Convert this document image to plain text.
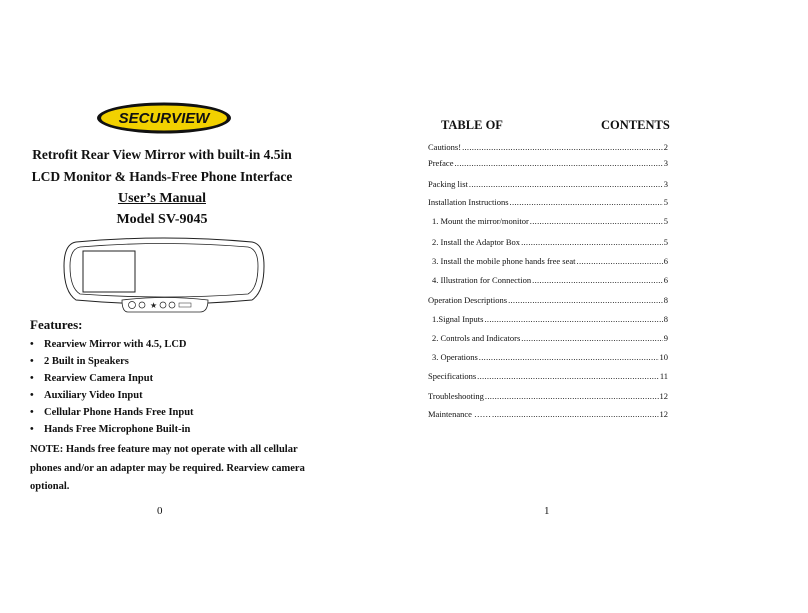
SECURVIEW
Retrofit Rear View Mirror with built-in 4.5in
LCD Monitor & Hands-Free Phone Interface
User’s Manual
Model SV-9045
★
Features:
• Rearview Mirror with 4.5, LCD
• 2 Built in Speakers
• Rearview Camera Input
• Auxiliary Video Input
• Cellular Phone Hands Free Input
• Hands Free Microphone Built-in
NOTE: Hands free feature may not operate with all cellular phones and/or an adapter may be required. Rearview camera optional.
0
TABLE OF	CONTENTS
Cautions! .....	2
Preface .....	3
Packing list .....	3
Installation Instructions .....	5
1. Mount the mirror/monitor .....	5
2. Install the Adaptor Box .....	5
3. Install the mobile phone hands free seat .....	6
4. Illustration for Connection .....	6
Operation Descriptions .....	8
1.Signal Inputs .....	8
2. Controls and Indicators .....	9
3. Operations .....	10
Specifications .....	11
Troubleshooting .....	12
Maintenance …… .....	12
1
